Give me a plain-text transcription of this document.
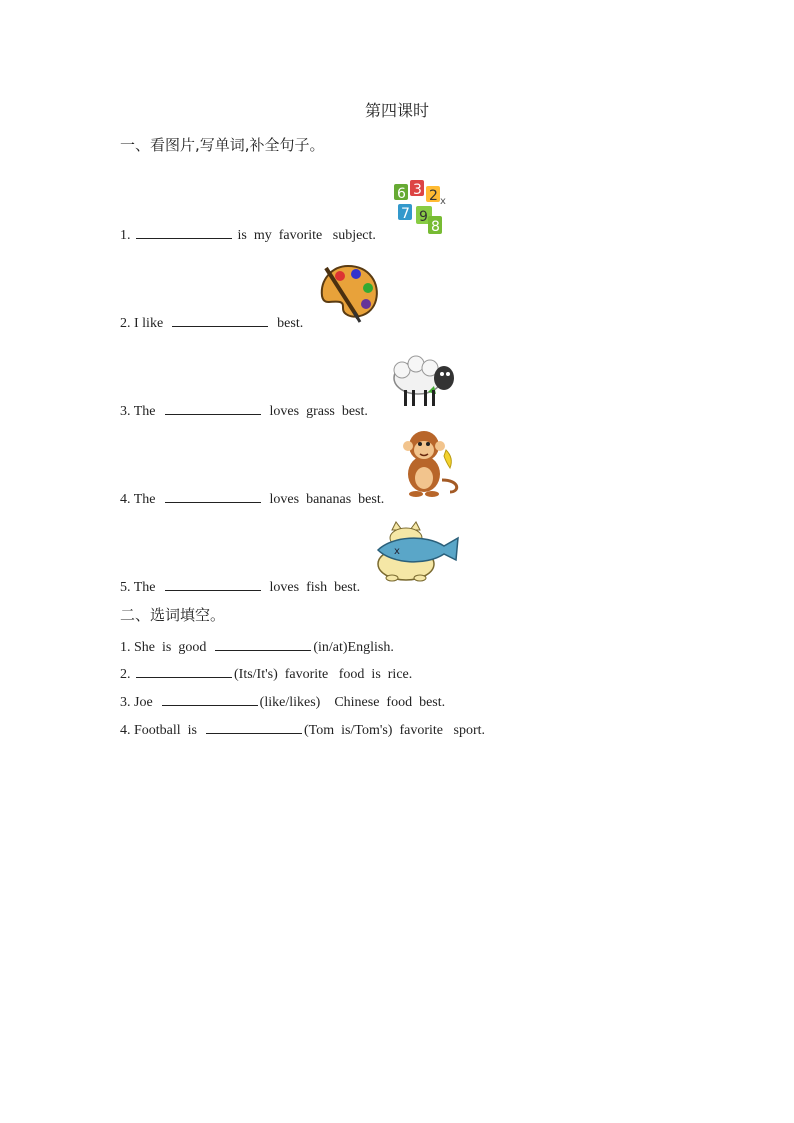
第四课时
一、看图片,写单词,补全句子。
1.	is  my  favorite   subject.
2. I like	best.
3. The	loves  grass  best.
4. The	loves  bananas  best.
5. The	loves  fish  best.
6 3 2
7 9
8
x
x
二、选词填空。
1. She  is  good	(in/at)English.
2.	(Its/It's)  favorite   food  is  rice.
3. Joe	(like/likes)    Chinese  food  best.
4. Football  is	(Tom  is/Tom's)  favorite   sport.
